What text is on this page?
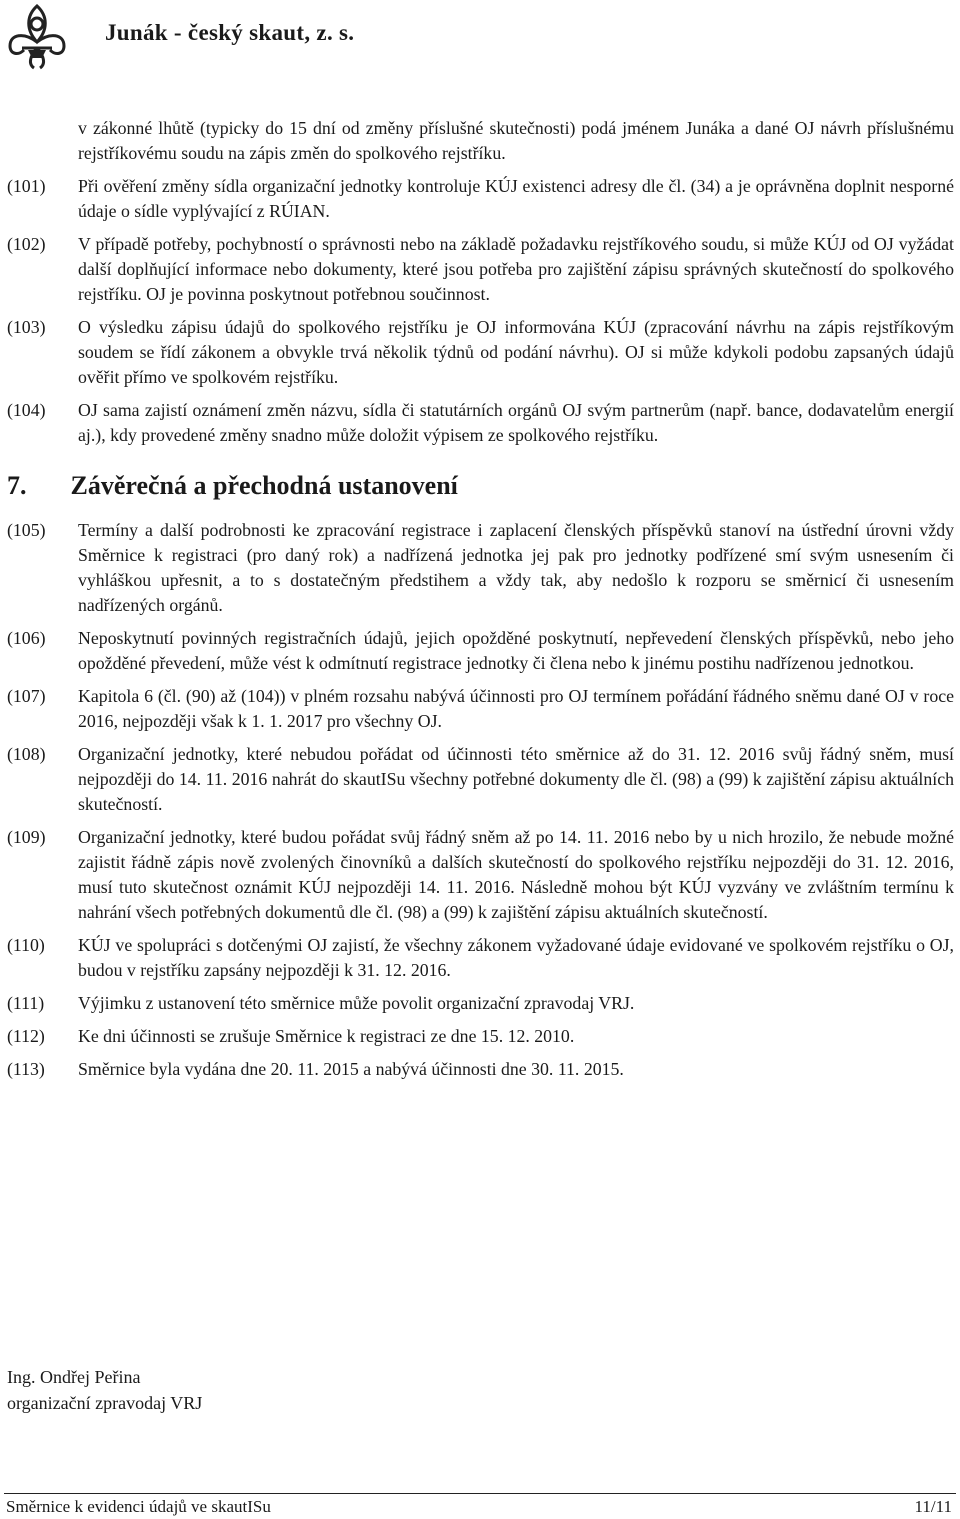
Junák - český skaut, z. s.

v zákonné lhůtě (typicky do 15 dní od změny příslušné skutečnosti) podá jménem Junáka a dané OJ návrh příslušnému rejstříkovému soudu na zápis změn do spolkového rejstříku.

(101) Při ověření změny sídla organizační jednotky kontroluje KÚJ existenci adresy dle čl. (34) a je oprávněna doplnit nesporné údaje o sídle vyplývající z RÚIAN.

(102) V případě potřeby, pochybností o správnosti nebo na základě požadavku rejstříkového soudu, si může KÚJ od OJ vyžádat další doplňující informace nebo dokumenty, které jsou potřeba pro zajištění zápisu správných skutečností do spolkového rejstříku. OJ je povinna poskytnout potřebnou součinnost.

(103) O výsledku zápisu údajů do spolkového rejstříku je OJ informována KÚJ (zpracování návrhu na zápis rejstříkovým soudem se řídí zákonem a obvykle trvá několik týdnů od podání návrhu). OJ si může kdykoli podobu zapsaných údajů ověřit přímo ve spolkovém rejstříku.

(104) OJ sama zajistí oznámení změn názvu, sídla či statutárních orgánů OJ svým partnerům (např. bance, dodavatelům energií aj.), kdy provedené změny snadno může doložit výpisem ze spolkového rejstříku.

7. Závěrečná a přechodná ustanovení

(105) Termíny a další podrobnosti ke zpracování registrace i zaplacení členských příspěvků stanoví na ústřední úrovni vždy Směrnice k registraci (pro daný rok) a nadřízená jednotka jej pak pro jednotky podřízené smí svým usnesením či vyhláškou upřesnit, a to s dostatečným předstihem a vždy tak, aby nedošlo k rozporu se směrnicí či usnesením nadřízených orgánů.

(106) Neposkytnutí povinných registračních údajů, jejich opožděné poskytnutí, nepřevedení členských příspěvků, nebo jeho opožděné převedení, může vést k odmítnutí registrace jednotky či člena nebo k jinému postihu nadřízenou jednotkou.

(107) Kapitola 6 (čl. (90) až (104)) v plném rozsahu nabývá účinnosti pro OJ termínem pořádání řádného sněmu dané OJ v roce 2016, nejpozději však k 1. 1. 2017 pro všechny OJ.

(108) Organizační jednotky, které nebudou pořádat od účinnosti této směrnice až do 31. 12. 2016 svůj řádný sněm, musí nejpozději do 14. 11. 2016 nahrát do skautISu všechny potřebné dokumenty dle čl. (98) a (99) k zajištění zápisu aktuálních skutečností.

(109) Organizační jednotky, které budou pořádat svůj řádný sněm až po 14. 11. 2016 nebo by u nich hrozilo, že nebude možné zajistit řádně zápis nově zvolených činovníků a dalších skutečností do spolkového rejstříku nejpozději do 31. 12. 2016, musí tuto skutečnost oznámit KÚJ nejpozději 14. 11. 2016. Následně mohou být KÚJ vyzvány ve zvláštním termínu k nahrání všech potřebných dokumentů dle čl. (98) a (99) k zajištění zápisu aktuálních skutečností.

(110) KÚJ ve spolupráci s dotčenými OJ zajistí, že všechny zákonem vyžadované údaje evidované ve spolkovém rejstříku o OJ, budou v rejstříku zapsány nejpozději k 31. 12. 2016.

(111) Výjimku z ustanovení této směrnice může povolit organizační zpravodaj VRJ.

(112) Ke dni účinnosti se zrušuje Směrnice k registraci ze dne 15. 12. 2010.

(113) Směrnice byla vydána dne 20. 11. 2015 a nabývá účinnosti dne 30. 11. 2015.

Ing. Ondřej Peřina
organizační zpravodaj VRJ
Směrnice k evidenci údajů ve skautISu	11/11
